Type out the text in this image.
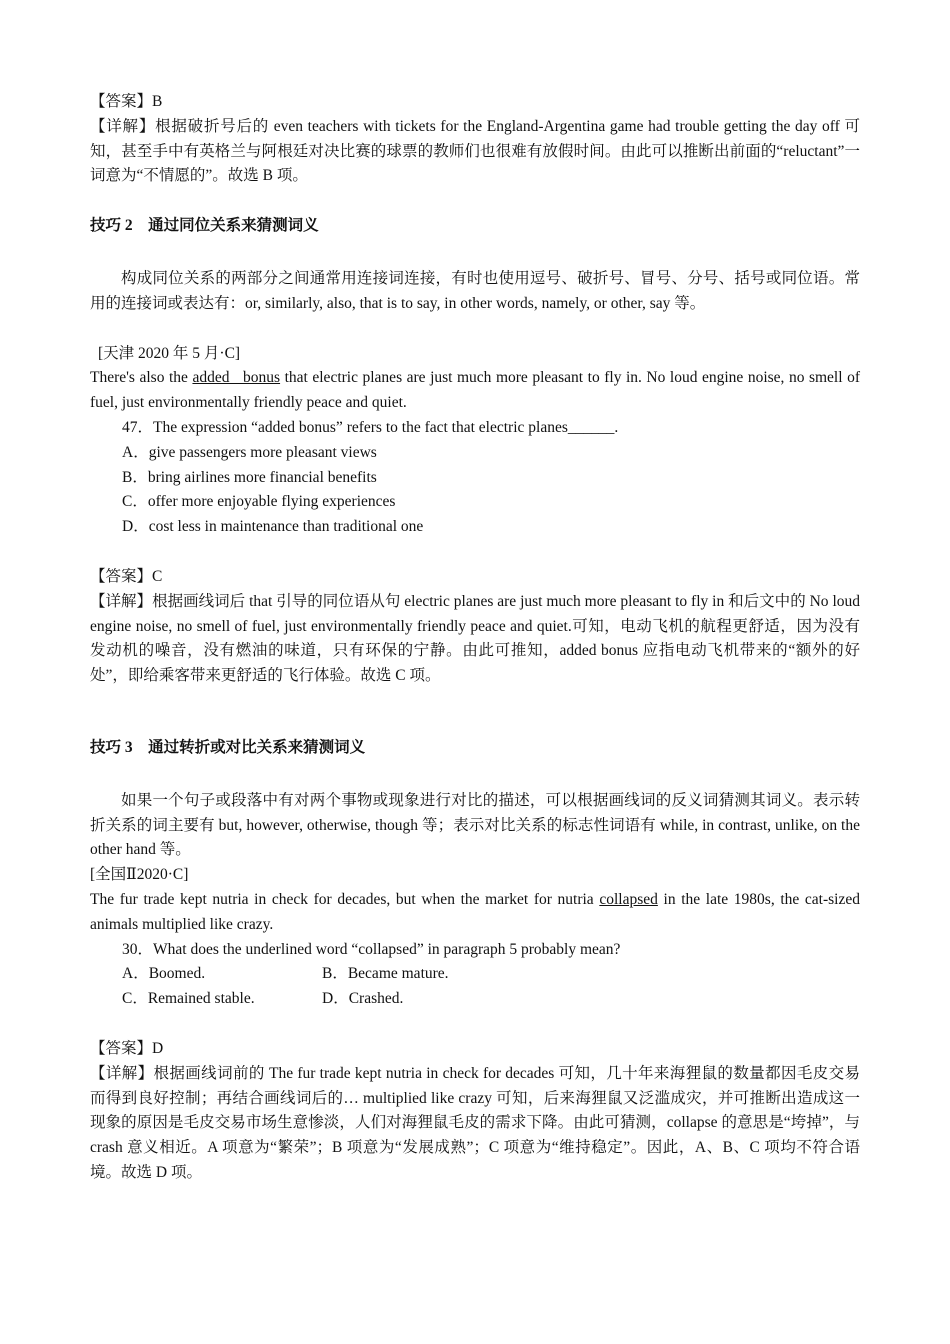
【答案】B

【详解】根据破折号后的 even teachers with tickets for the England-Argentina game had trouble getting the day off 可知，甚至手中有英格兰与阿根廷对决比赛的球票的教师们也很难有放假时间。由此可以推断出前面的“reluctant”一词意为“不情愿的”。故选 B 项。

技巧 2　通过同位关系来猜测词义

构成同位关系的两部分之间通常用连接词连接，有时也使用逗号、破折号、冒号、分号、括号或同位语。常用的连接词或表达有：or, similarly, also, that is to say, in other words, namely, or other, say 等。

[天津 2020 年 5 月·C]

There's also the added   bonus that electric planes are just much more pleasant to fly in. No loud engine noise, no smell of fuel, just environmentally friendly peace and quiet.

47．The expression “added bonus” refers to the fact that electric planes______.

A．give passengers more pleasant views

B．bring airlines more financial benefits

C．offer more enjoyable flying experiences

D．cost less in maintenance than traditional one

【答案】C

【详解】根据画线词后 that 引导的同位语从句 electric planes are just much more pleasant to fly in 和后文中的 No loud engine noise, no smell of fuel, just environmentally friendly peace and quiet.可知，电动飞机的航程更舒适，因为没有发动机的噪音，没有燃油的味道，只有环保的宁静。由此可推知，added bonus 应指电动飞机带来的“额外的好处”，即给乘客带来更舒适的飞行体验。故选 C 项。

技巧 3　通过转折或对比关系来猜测词义

如果一个句子或段落中有对两个事物或现象进行对比的描述，可以根据画线词的反义词猜测其词义。表示转折关系的词主要有 but, however, otherwise, though 等；表示对比关系的标志性词语有 while, in contrast, unlike, on the other hand 等。

[全国Ⅱ2020·C]

The fur trade kept nutria in check for decades, but when the market for nutria collapsed in the late 1980s, the cat-sized animals multiplied like crazy.

30．What does the underlined word “collapsed” in paragraph 5 probably mean?

A．Boomed.	B．Became mature.
C．Remained stable.	D．Crashed.

【答案】D

【详解】根据画线词前的 The fur trade kept nutria in check for decades 可知，几十年来海狸鼠的数量都因毛皮交易而得到良好控制；再结合画线词后的… multiplied like crazy 可知，后来海狸鼠又泛滥成灾，并可推断出造成这一现象的原因是毛皮交易市场生意惨淡，人们对海狸鼠毛皮的需求下降。由此可猜测，collapse 的意思是“垮掉”，与 crash 意义相近。A 项意为“繁荣”；B 项意为“发展成熟”；C 项意为“维持稳定”。因此，A、B、C 项均不符合语境。故选 D 项。
